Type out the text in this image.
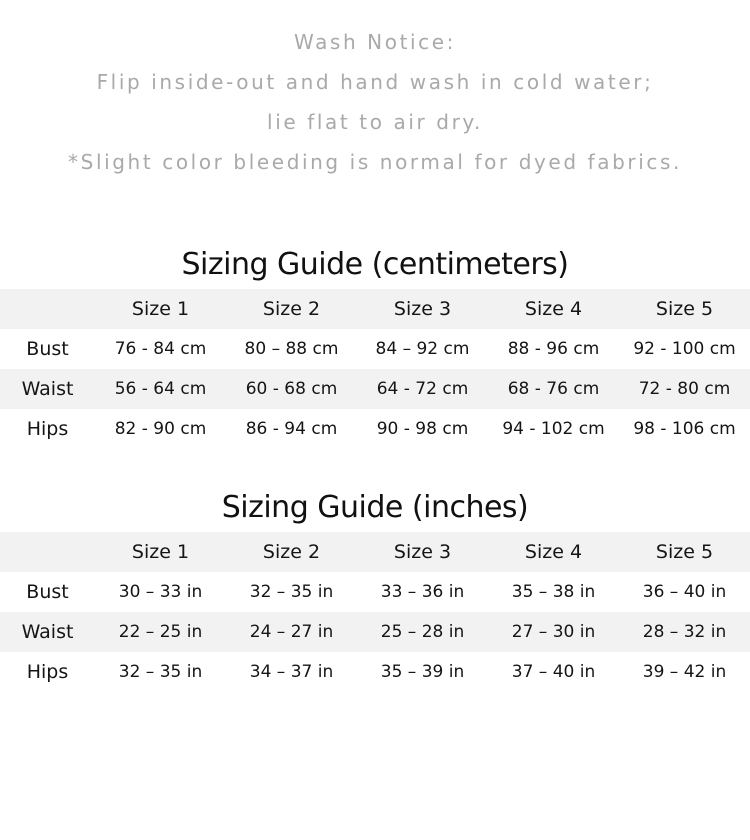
Wash Notice:
Flip inside-out and hand wash in cold water;
lie flat to air dry.
*Slight color bleeding is normal for dyed fabrics.
Sizing Guide (centimeters)
	Size 1	Size 2	Size 3	Size 4	Size 5
Bust	76 - 84 cm	80 – 88 cm	84 – 92 cm	88 - 96 cm	92 - 100 cm
Waist	56 - 64 cm	60 - 68 cm	64 - 72 cm	68 - 76 cm	72 - 80 cm
Hips	82 - 90 cm	86 - 94 cm	90 - 98 cm	94 - 102 cm	98 - 106 cm
Sizing Guide (inches)
	Size 1	Size 2	Size 3	Size 4	Size 5
Bust	30 – 33 in	32 – 35 in	33 – 36 in	35 – 38 in	36 – 40 in
Waist	22 – 25 in	24 – 27 in	25 – 28 in	27 – 30 in	28 – 32 in
Hips	32 – 35 in	34 – 37 in	35 – 39 in	37 – 40 in	39 – 42 in
